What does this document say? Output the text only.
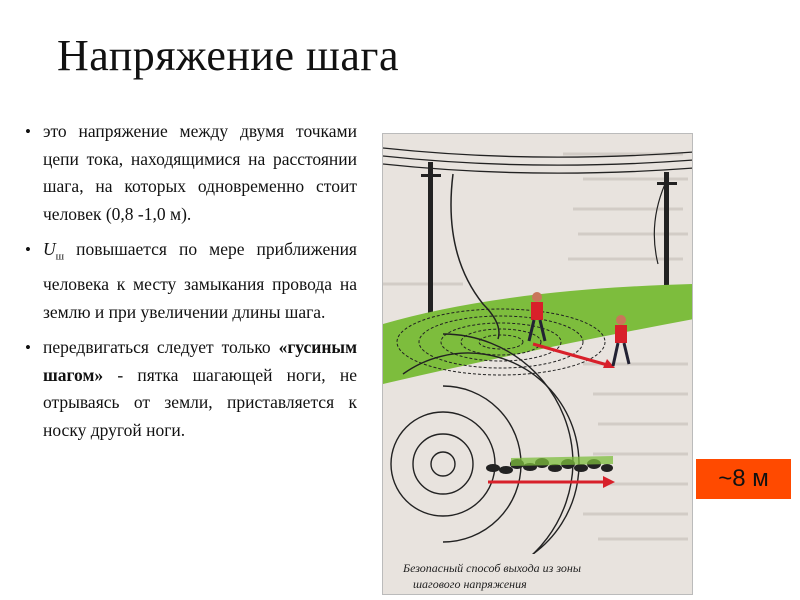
Напряжение шага
• это напряжение между двумя точками цепи тока, находящимися на расстоянии шага, на которых одновременно стоит человек (0,8 -1,0 м).
• $U_ш$ повышается по мере приближения человека к месту замыкания провода на землю и при увеличении длины шага.
• передвигаться следует только «гусиным шагом» - пятка шагающей ноги, не отрываясь от земли, приставляется к носку другой ноги.
Безопасный способ выхода из зоны
шагового напряжения
~8 м
